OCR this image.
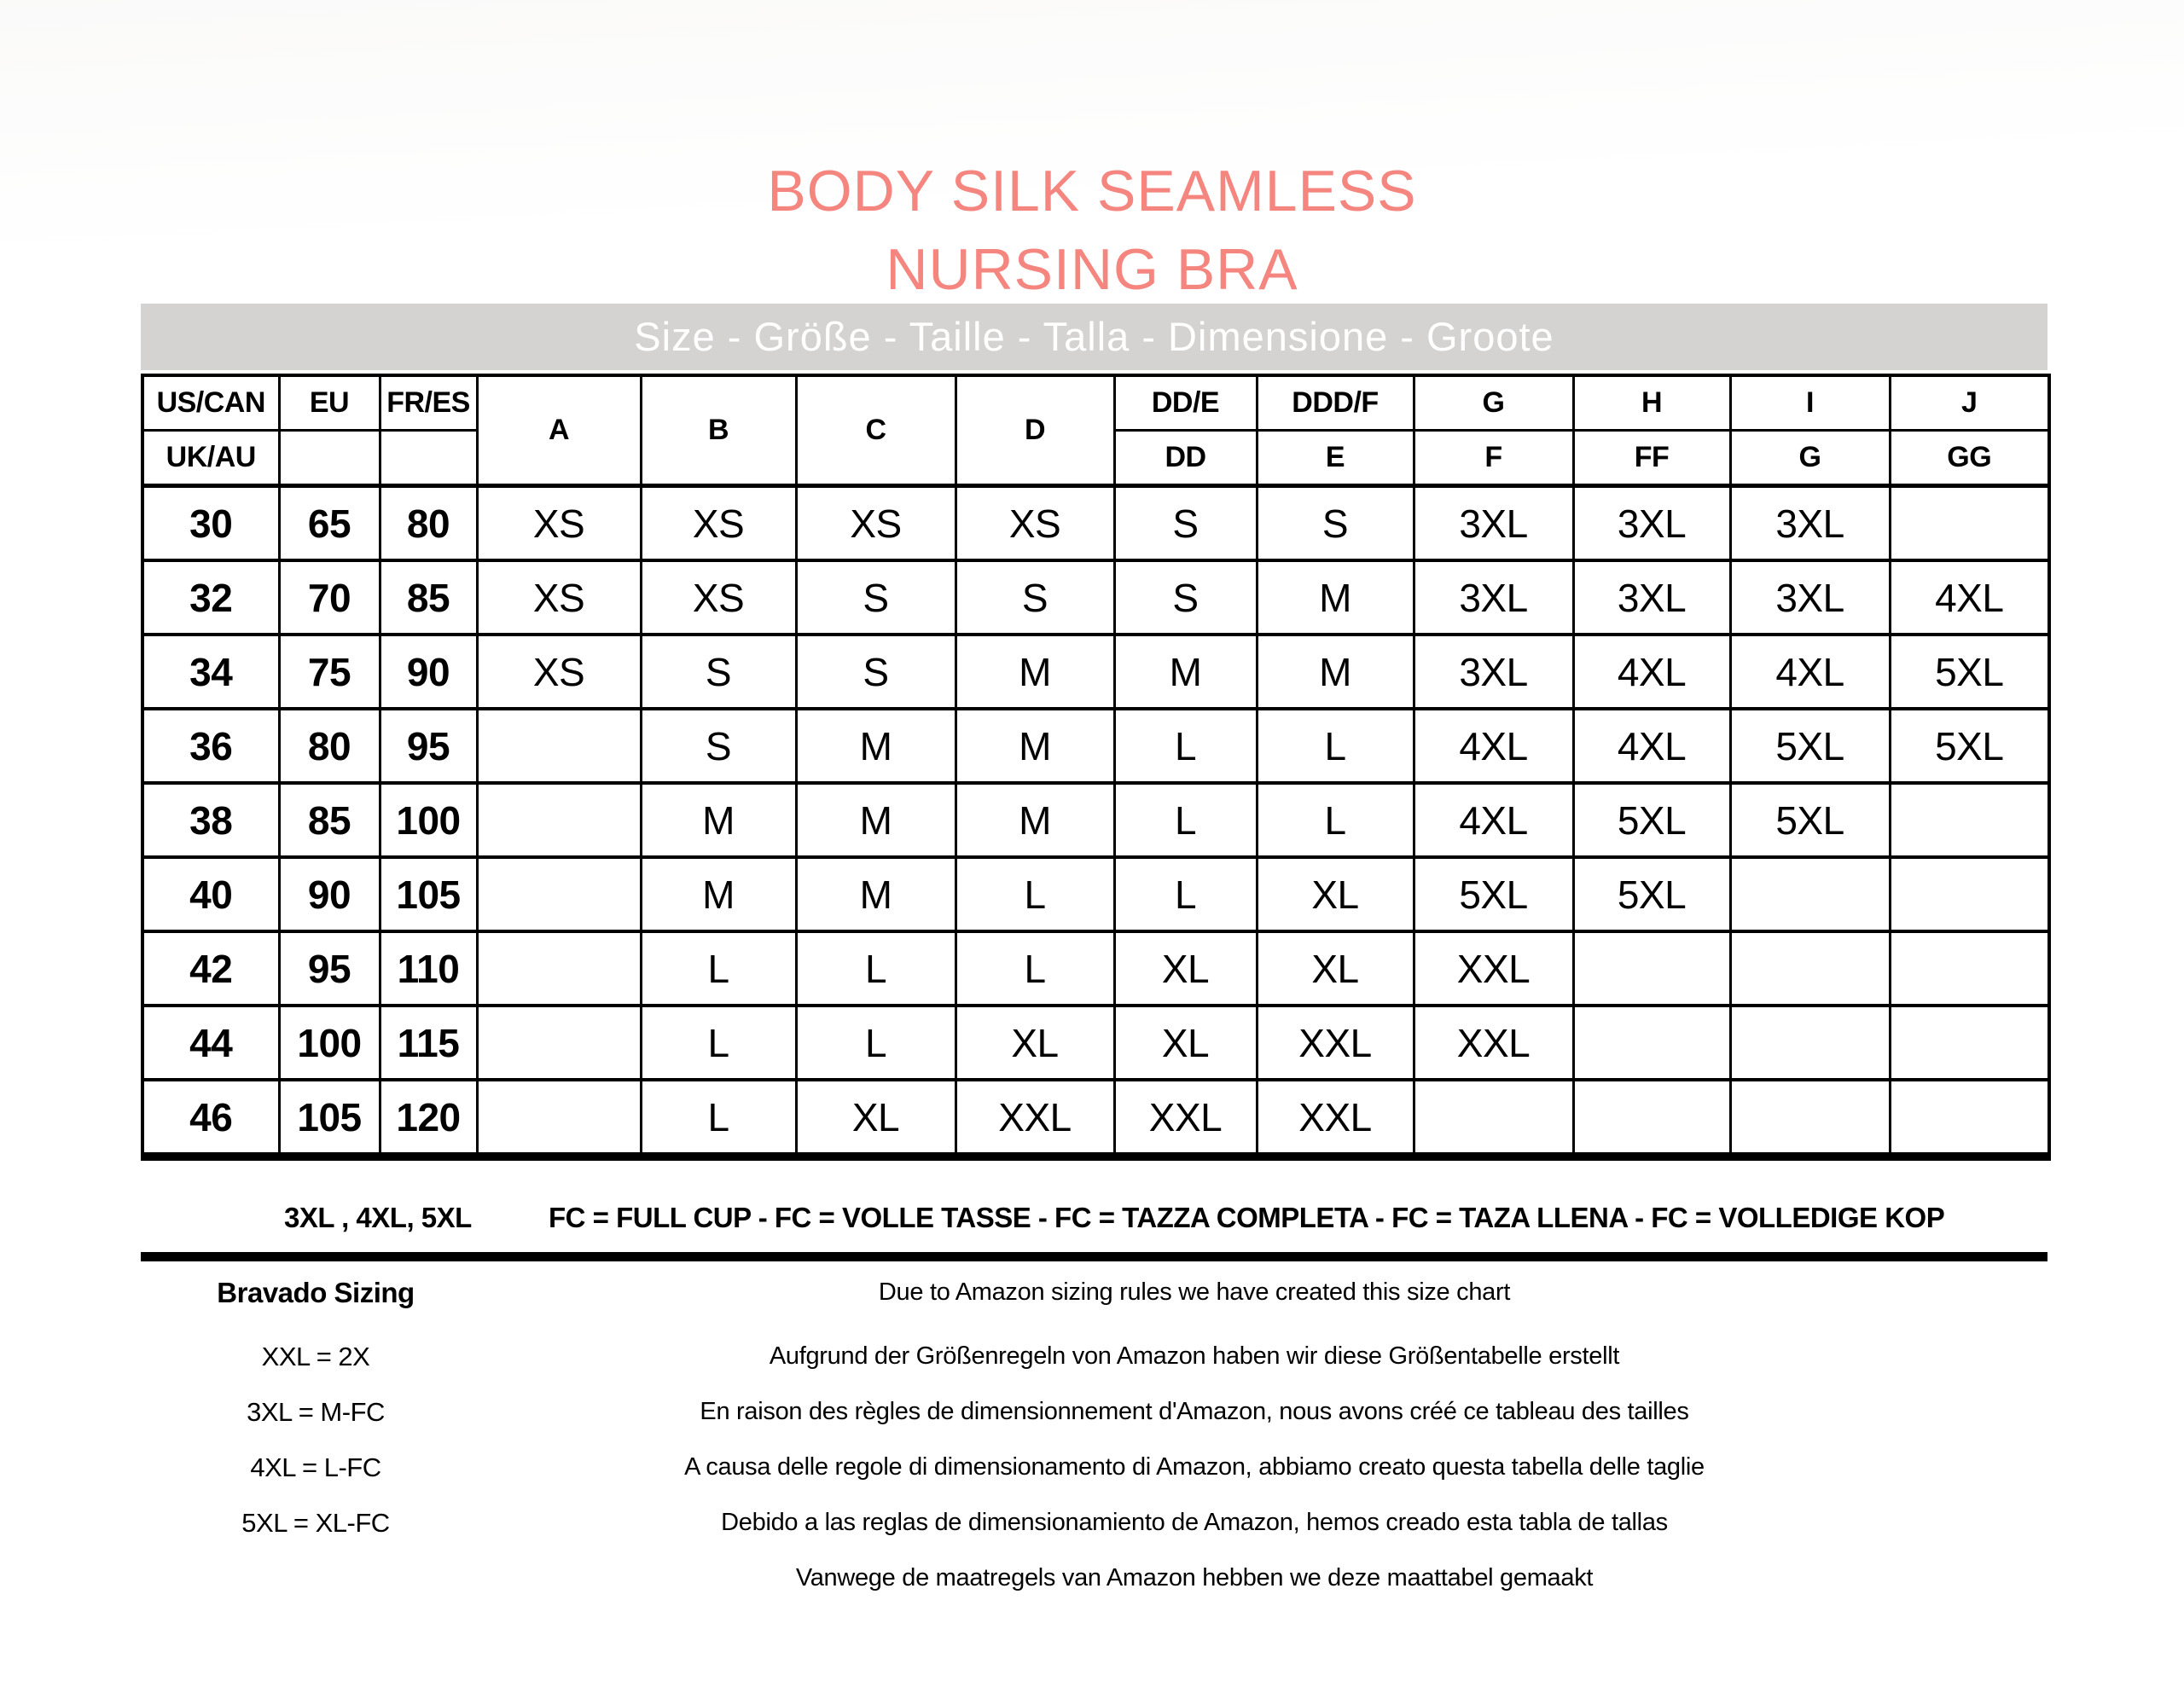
BODY SILK SEAMLESS
NURSING BRA
Size - Größe - Taille - Talla - Dimensione - Groote
US/CAN	EU	FR/ES	A	B	C	D	DD/E	DDD/F	G	H	I	J
UK/AU							DD	E	F	FF	G	GG
30	65	80	XS	XS	XS	XS	S	S	3XL	3XL	3XL	
32	70	85	XS	XS	S	S	S	M	3XL	3XL	3XL	4XL
34	75	90	XS	S	S	M	M	M	3XL	4XL	4XL	5XL
36	80	95		S	M	M	L	L	4XL	4XL	5XL	5XL
38	85	100		M	M	M	L	L	4XL	5XL	5XL	
40	90	105		M	M	L	L	XL	5XL	5XL		
42	95	110		L	L	L	XL	XL	XXL			
44	100	115		L	L	XL	XL	XXL	XXL			
46	105	120		L	XL	XXL	XXL	XXL				
3XL , 4XL, 5XL	FC = FULL CUP - FC = VOLLE TASSE - FC = TAZZA COMPLETA - FC = TAZA LLENA - FC = VOLLEDIGE KOP
Bravado Sizing
XXL = 2X
3XL = M-FC
4XL = L-FC
5XL = XL-FC
Due to Amazon sizing rules we have created this size chart
Aufgrund der Größenregeln von Amazon haben wir diese Größentabelle erstellt
En raison des règles de dimensionnement d'Amazon, nous avons créé ce tableau des tailles
A causa delle regole di dimensionamento di Amazon, abbiamo creato questa tabella delle taglie
Debido a las reglas de dimensionamiento de Amazon, hemos creado esta tabla de tallas
Vanwege de maatregels van Amazon hebben we deze maattabel gemaakt
